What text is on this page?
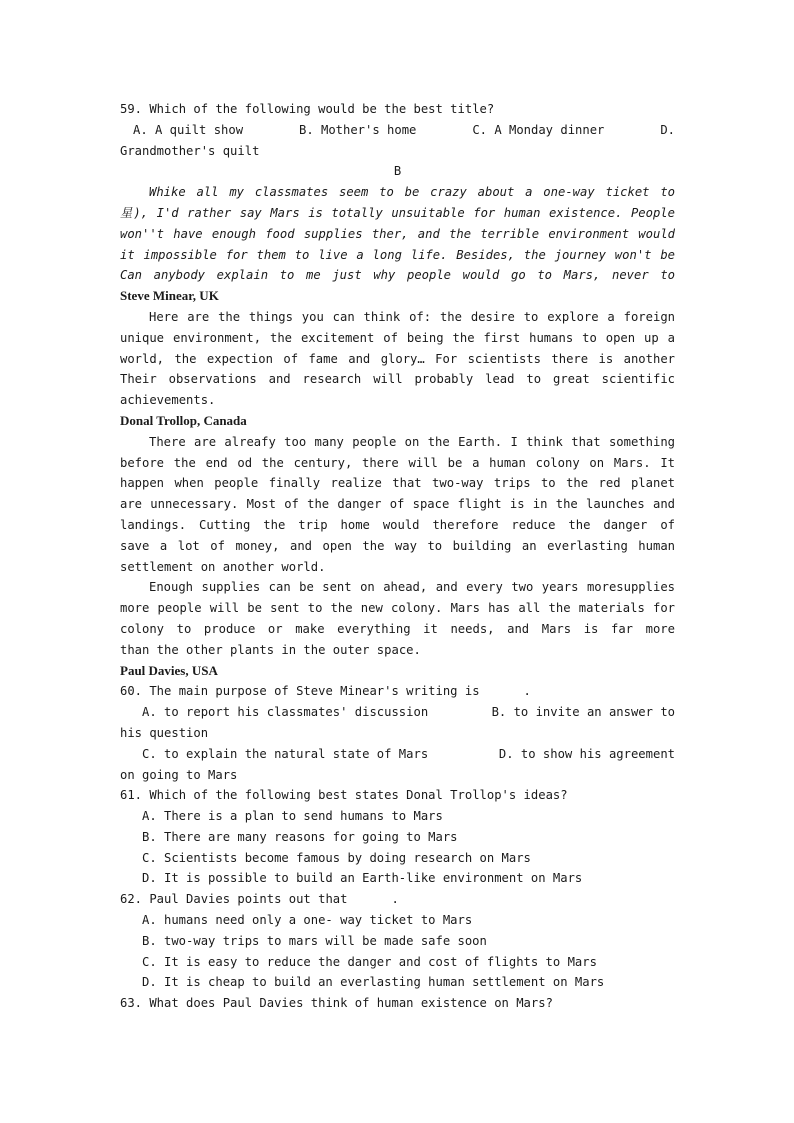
59. Which of the following would be the best title?
A. A quilt show	B. Mother's home	C. A Monday dinner	D.
Grandmother's quilt
B
Whike all my classmates seem to be crazy about a one-way ticket to
星), I'd rather say Mars is totally unsuitable for human existence. People
won''t have enough food supplies ther, and the terrible environment would
it impossible for them to live a long life. Besides, the journey won't be
Can anybody explain to me just why people would go to Mars, never to
Steve Minear, UK
Here are the things you can think of: the desire to explore a foreign
unique environment, the excitement of being the first humans to open up a
world, the expection of fame and glory… For scientists there is another
Their observations and research will probably lead to great scientific
achievements.
Donal Trollop, Canada
There are alreafy too many people on the Earth. I think that something
before the end od the century, there will be a human colony on Mars. It
happen when people finally realize that two-way trips to the red planet
are unnecessary. Most of the danger of space flight is in the launches and
landings. Cutting the trip home would therefore reduce the danger of
save a lot of money, and open the way to building an everlasting human
settlement on another world.
Enough supplies can be sent on ahead, and every two years moresupplies
more people will be sent to the new colony. Mars has all the materials for
colony to produce or make everything it needs, and Mars is far more
than the other plants in the outer space.
Paul Davies, USA
60. The main purpose of Steve Minear's writing is	.
A. to report his classmates' discussion	B. to invite an answer to
his question
C. to explain the natural state of Mars	D. to show his agreement
on going to Mars
61. Which of the following best states Donal Trollop's ideas?
A. There is a plan to send humans to Mars
B. There are many reasons for going to Mars
C. Scientists become famous by doing research on Mars
D. It is possible to build an Earth-like environment on Mars
62. Paul Davies points out that	.
A. humans need only a one- way ticket to Mars
B. two-way trips to mars will be made safe soon
C. It is easy to reduce the danger and cost of flights to Mars
D. It is cheap to build an everlasting human settlement on Mars
63. What does Paul Davies think of human existence on Mars?
